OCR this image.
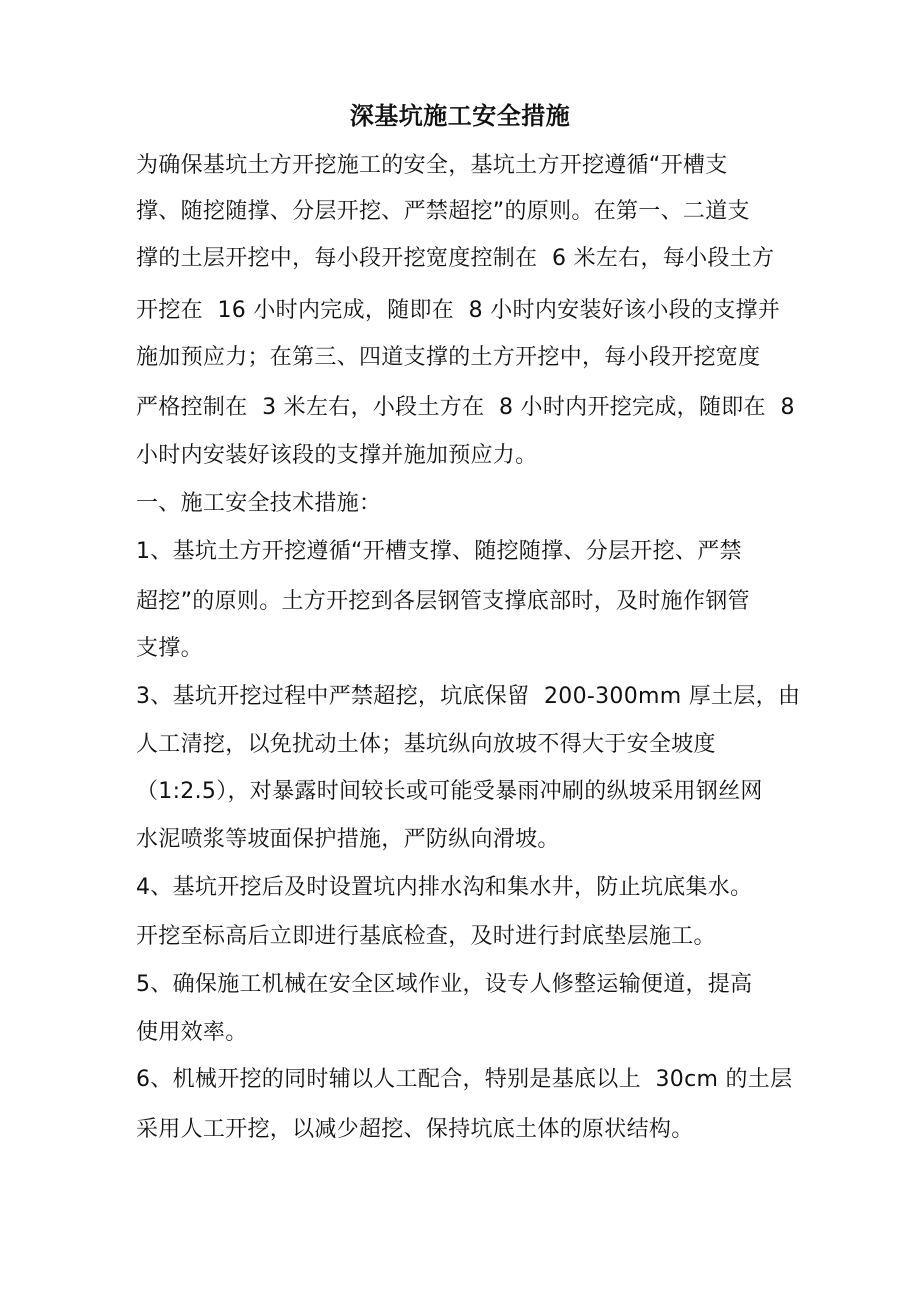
深基坑施工安全措施
为确保基坑土方开挖施工的安全，基坑土方开挖遵循“开槽支
撑、随挖随撑、分层开挖、严禁超挖”的原则。在第一、二道支
撑的土层开挖中，每小段开挖宽度控制在  6 米左右，每小段土方
开挖在  16 小时内完成，随即在  8 小时内安装好该小段的支撑并
施加预应力；在第三、四道支撑的土方开挖中，每小段开挖宽度
严格控制在  3 米左右，小段土方在  8 小时内开挖完成，随即在  8
小时内安装好该段的支撑并施加预应力。
一、施工安全技术措施：
1、基坑土方开挖遵循“开槽支撑、随挖随撑、分层开挖、严禁
超挖”的原则。土方开挖到各层钢管支撑底部时，及时施作钢管
支撑。
3、基坑开挖过程中严禁超挖，坑底保留  200-300mm 厚土层，由
人工清挖，以免扰动土体；基坑纵向放坡不得大于安全坡度
（1:2.5），对暴露时间较长或可能受暴雨冲刷的纵坡采用钢丝网
水泥喷浆等坡面保护措施，严防纵向滑坡。
4、基坑开挖后及时设置坑内排水沟和集水井，防止坑底集水。
开挖至标高后立即进行基底检查，及时进行封底垫层施工。
5、确保施工机械在安全区域作业，设专人修整运输便道，提高
使用效率。
6、机械开挖的同时辅以人工配合，特别是基底以上  30cm 的土层
采用人工开挖，以减少超挖、保持坑底土体的原状结构。
